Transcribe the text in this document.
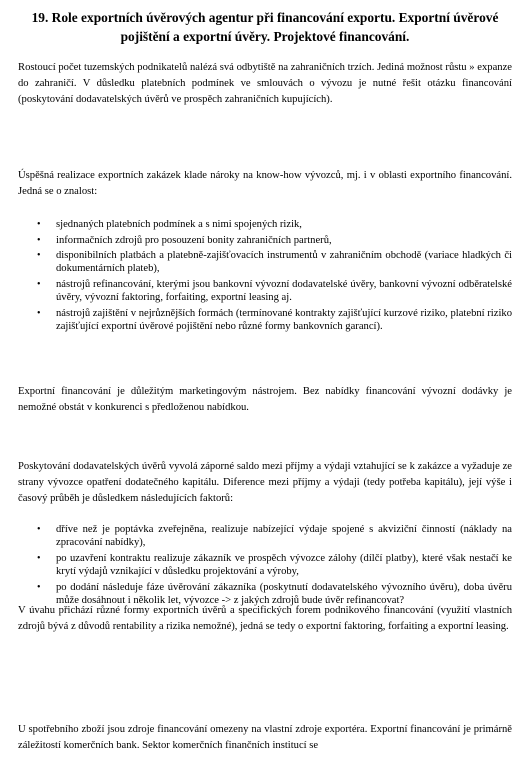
19. Role exportních úvěrových agentur při financování exportu. Exportní úvěrové pojištění a exportní úvěry. Projektové financování.
Rostoucí počet tuzemských podnikatelů nalézá svá odbytiště na zahraničních trzích. Jediná možnost růstu » expanze do zahraničí. V důsledku platebních podmínek ve smlouvách o vývozu je nutné řešit otázku financování (poskytování dodavatelských úvěrů ve prospěch zahraničních kupujících).
Úspěšná realizace exportních zakázek klade nároky na know-how vývozců, mj. i v oblasti exportního financování. Jedná se o znalost:
• sjednaných platebních podmínek a s nimi spojených rizik,
• informačních zdrojů pro posouzení bonity zahraničních partnerů,
• disponibilních platbách a platebně-zajišťovacích instrumentů v zahraničním obchodě (variace hladkých či dokumentárních plateb),
• nástrojů refinancování, kterými jsou bankovní vývozní dodavatelské úvěry, bankovní vývozní odběratelské úvěry, vývozní faktoring, forfaiting, exportní leasing aj.
• nástrojů zajištění v nejrůznějších formách (termínované kontrakty zajišťující kurzové riziko, platební riziko zajišťující exportní úvěrové pojištění nebo různé formy bankovních garancí).
Exportní financování je důležitým marketingovým nástrojem. Bez nabídky financování vývozní dodávky je nemožné obstát v konkurenci s předloženou nabídkou.
Poskytování dodavatelských úvěrů vyvolá záporné saldo mezi příjmy a výdaji vztahující se k zakázce a vyžaduje ze strany vývozce opatření dodatečného kapitálu. Diference mezi příjmy a výdaji (tedy potřeba kapitálu), její výše i časový průběh je důsledkem následujících faktorů:
• dříve než je poptávka zveřejněna, realizuje nabízející výdaje spojené s akviziční činností (náklady na zpracování nabídky),
• po uzavření kontraktu realizuje zákazník ve prospěch vývozce zálohy (dílčí platby), které však nestačí ke krytí výdajů vznikající v důsledku projektování a výroby,
• po dodání následuje fáze úvěrování zákazníka (poskytnutí dodavatelského vývozního úvěru), doba úvěru může dosáhnout i několik let, vývozce -> z jakých zdrojů bude úvěr refinancovat?
V úvahu přichází různé formy exportních úvěrů a specifických forem podnikového financování (využití vlastních zdrojů bývá z důvodů rentability a rizika nemožné), jedná se tedy o exportní faktoring, forfaiting a exportní leasing.
U spotřebního zboží jsou zdroje financování omezeny na vlastní zdroje exportéra. Exportní financování je primárně záležitostí komerčních bank. Sektor komerčních finančních institucí se
